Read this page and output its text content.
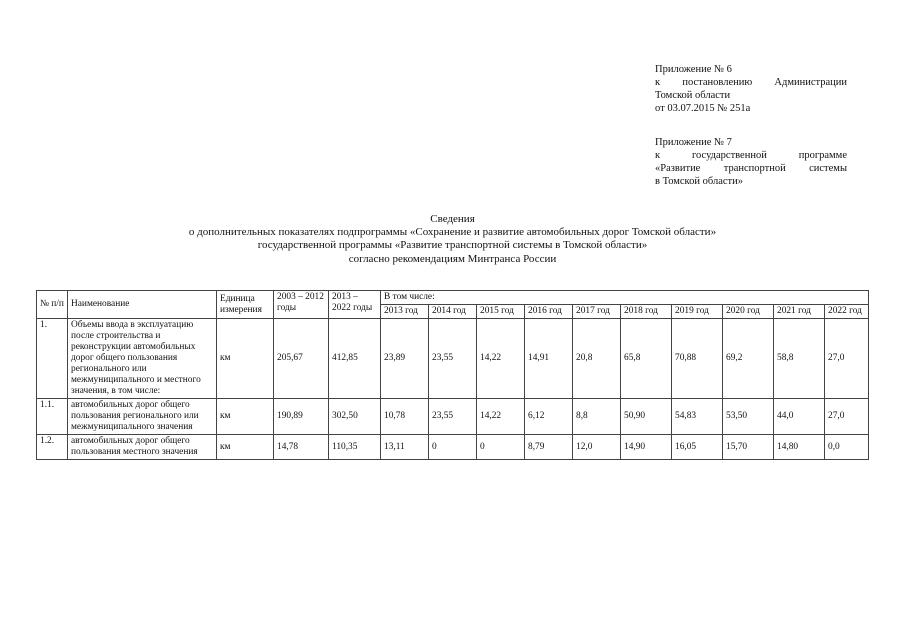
Приложение № 6

к постановлению Администрации

Томской области

от 03.07.2015 № 251а

Приложение № 7

к государственной программе

«Развитие транспортной системы

в Томской области»

Сведения
о дополнительных показателях подпрограммы «Сохранение и развитие автомобильных дорог Томской области»
государственной программы «Развитие транспортной системы в Томской области»
согласно рекомендациям Минтранса России
№ п/п	Наименование	Единица измерения	2003 – 2012 годы	2013 – 2022 годы	В том числе:									
					2013 год	2014 год	2015 год	2016 год	2017 год	2018 год	2019 год	2020 год	2021 год	2022 год
1.	Объемы ввода в эксплуатацию после строительства и реконструкции автомобильных дорог общего пользования регионального или межмуниципального и местного значения, в том числе:	км	205,67	412,85	23,89	23,55	14,22	14,91	20,8	65,8	70,88	69,2	58,8	27,0
1.1.	автомобильных дорог общего пользования регионального или межмуниципального значения	км	190,89	302,50	10,78	23,55	14,22	6,12	8,8	50,90	54,83	53,50	44,0	27,0
1.2.	автомобильных дорог общего пользования местного значения	км	14,78	110,35	13,11	0	0	8,79	12,0	14,90	16,05	15,70	14,80	0,0
